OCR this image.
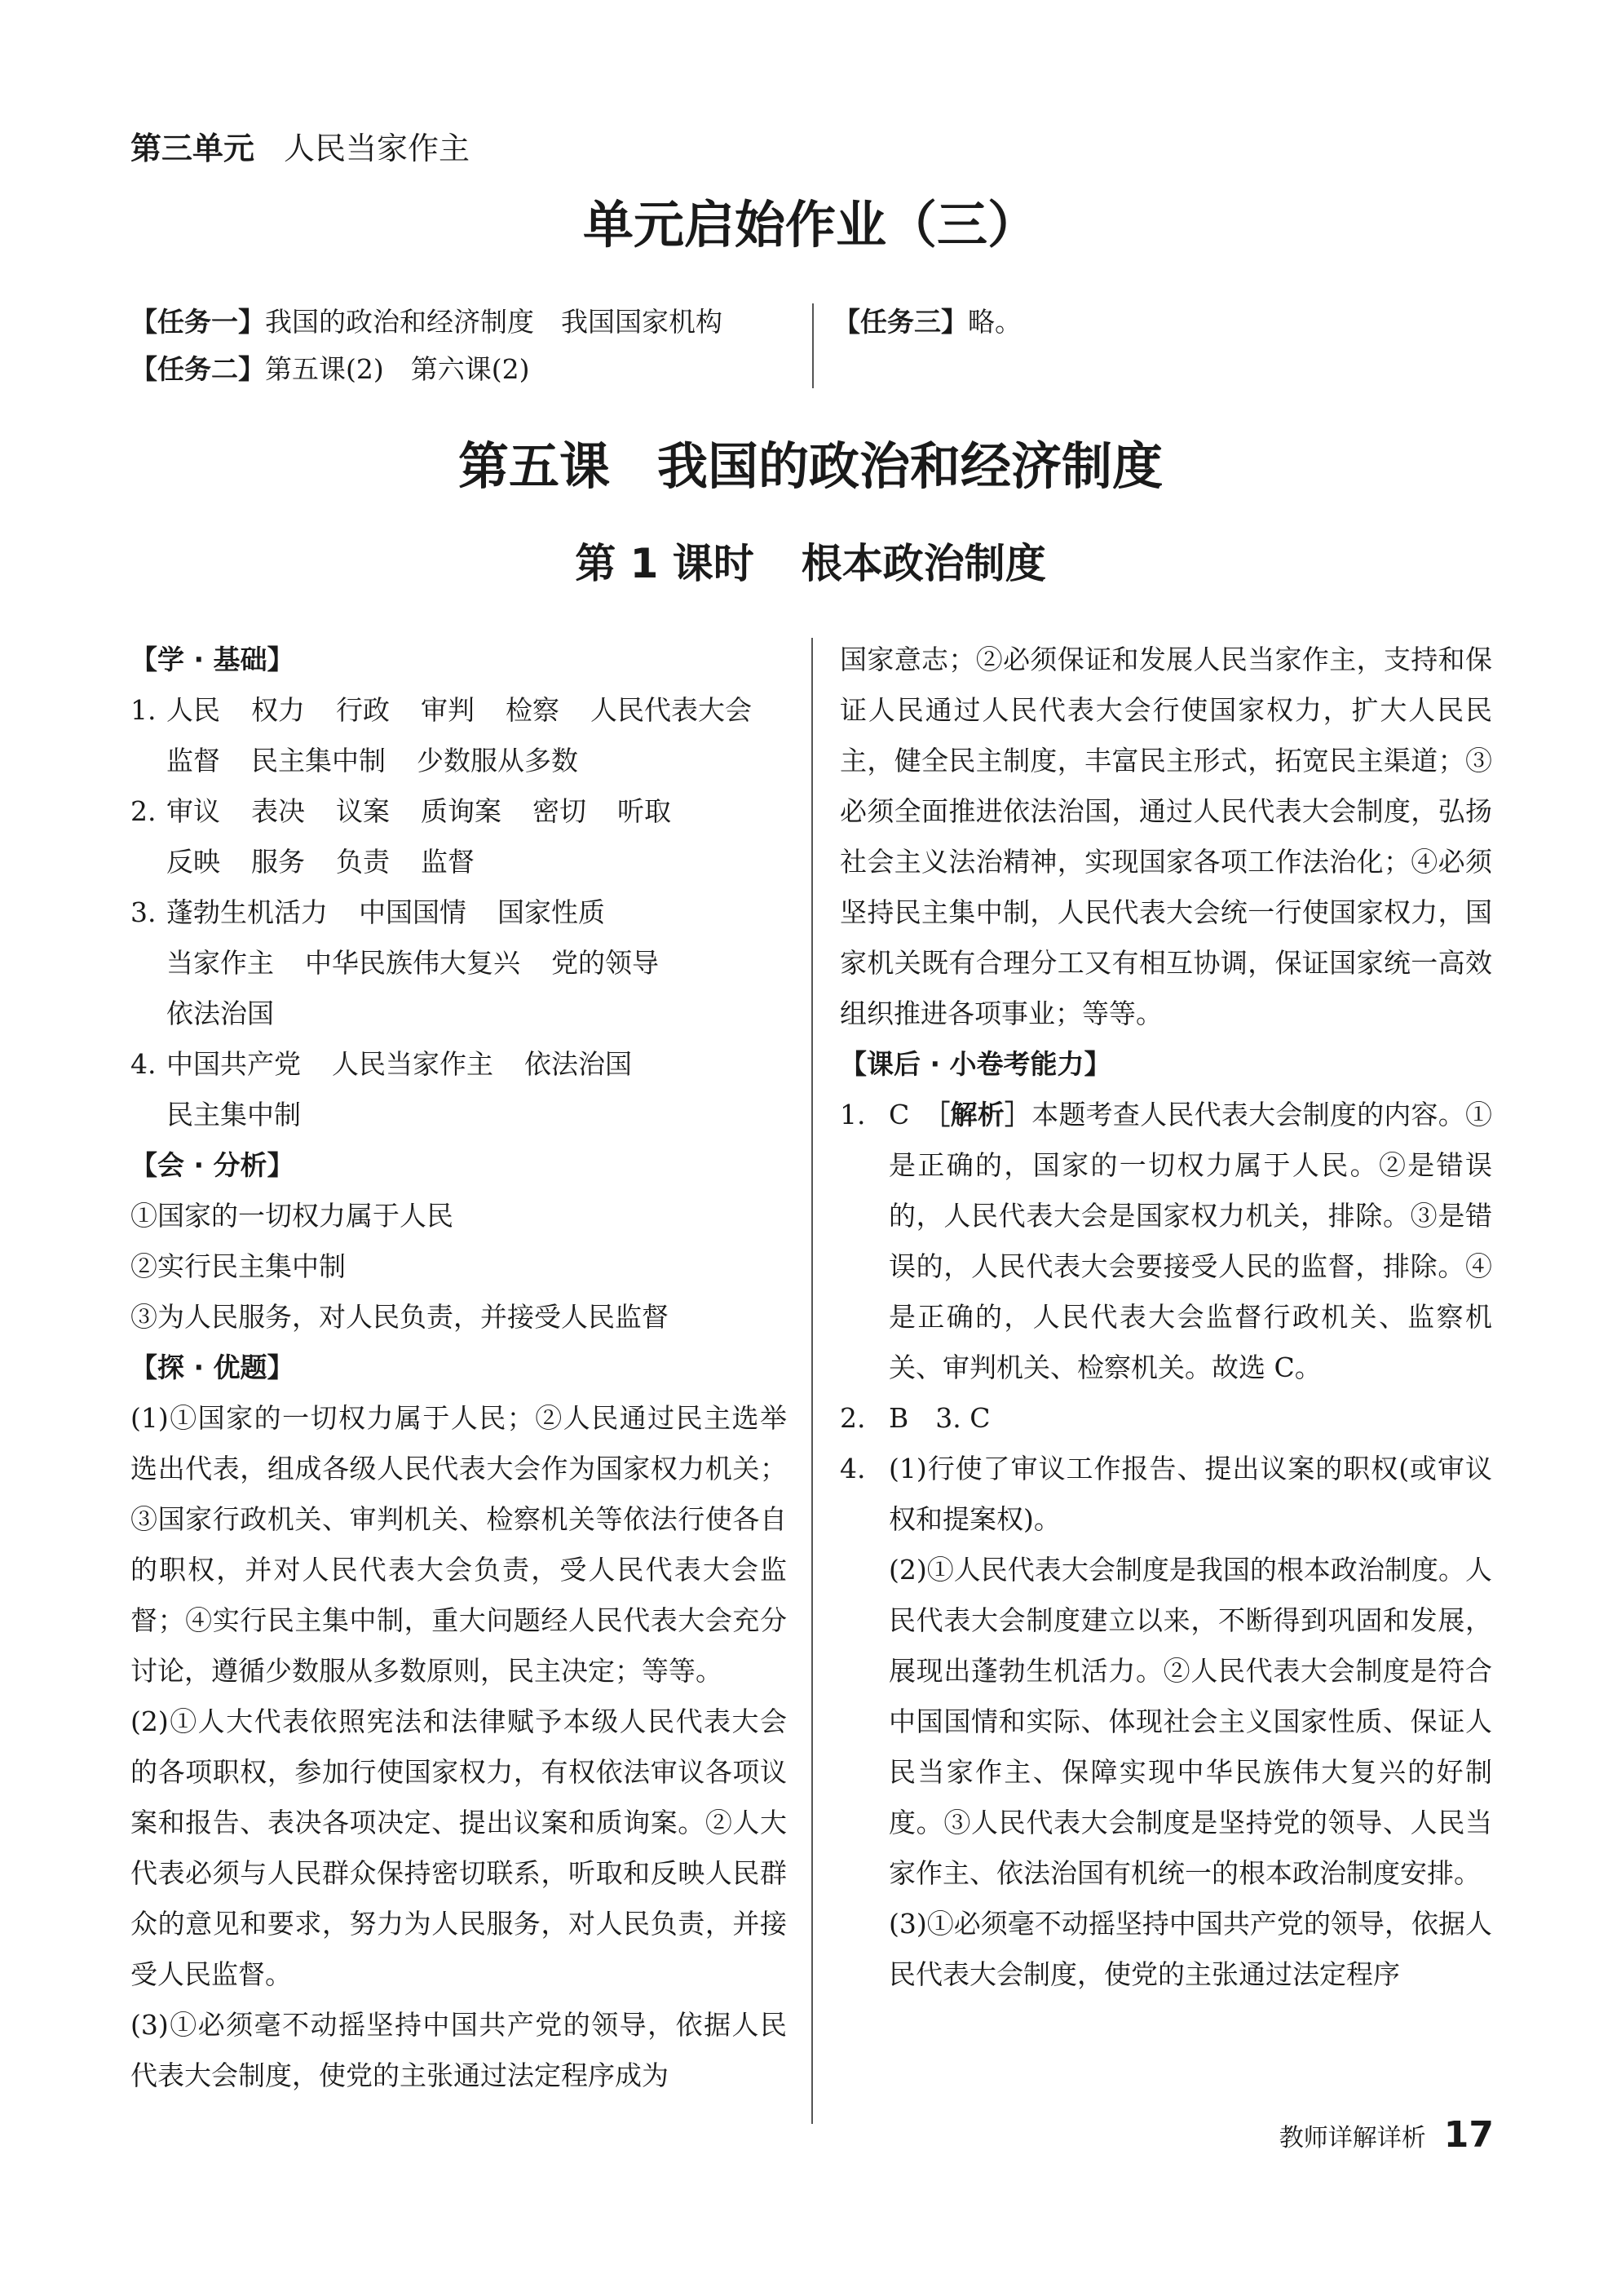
第三单元 人民当家作主
单元启始作业（三）
【任务一】我国的政治和经济制度　我国国家机构
【任务二】第五课(2)　第六课(2)
【任务三】略。
第五课 我国的政治和经济制度
第 1 课时 根本政治制度
【学 · 基础】
1. 人民 权力 行政 审判 检察 人民代表大会
监督 民主集中制 少数服从多数
2. 审议 表决 议案 质询案 密切 听取
反映 服务 负责 监督
3. 蓬勃生机活力 中国国情 国家性质
当家作主 中华民族伟大复兴 党的领导
依法治国
4. 中国共产党 人民当家作主 依法治国
民主集中制
【会 · 分析】
①国家的一切权力属于人民
②实行民主集中制
③为人民服务，对人民负责，并接受人民监督
【探 · 优题】
(1)①国家的一切权力属于人民；②人民通过民主选举选出代表，组成各级人民代表大会作为国家权力机关；③国家行政机关、审判机关、检察机关等依法行使各自的职权，并对人民代表大会负责，受人民代表大会监督；④实行民主集中制，重大问题经人民代表大会充分讨论，遵循少数服从多数原则，民主决定；等等。
(2)①人大代表依照宪法和法律赋予本级人民代表大会的各项职权，参加行使国家权力，有权依法审议各项议案和报告、表决各项决定、提出议案和质询案。②人大代表必须与人民群众保持密切联系，听取和反映人民群众的意见和要求，努力为人民服务，对人民负责，并接受人民监督。
(3)①必须毫不动摇坚持中国共产党的领导，依据人民代表大会制度，使党的主张通过法定程序成为
国家意志；②必须保证和发展人民当家作主，支持和保证人民通过人民代表大会行使国家权力，扩大人民民主，健全民主制度，丰富民主形式，拓宽民主渠道；③必须全面推进依法治国，通过人民代表大会制度，弘扬社会主义法治精神，实现国家各项工作法治化；④必须坚持民主集中制，人民代表大会统一行使国家权力，国家机关既有合理分工又有相互协调，保证国家统一高效组织推进各项事业；等等。
【课后 · 小卷考能力】
1. C　 ［解析］本题考查人民代表大会制度的内容。①是正确的，国家的一切权力属于人民。②是错误的，人民代表大会是国家权力机关，排除。③是错误的，人民代表大会要接受人民的监督，排除。④是正确的，人民代表大会监督行政机关、监察机关、审判机关、检察机关。故选 C。
2. B　3. C
4. (1)行使了审议工作报告、提出议案的职权(或审议权和提案权)。
(2)①人民代表大会制度是我国的根本政治制度。人民代表大会制度建立以来，不断得到巩固和发展，展现出蓬勃生机活力。②人民代表大会制度是符合中国国情和实际、体现社会主义国家性质、保证人民当家作主、保障实现中华民族伟大复兴的好制度。③人民代表大会制度是坚持党的领导、人民当家作主、依法治国有机统一的根本政治制度安排。
(3)①必须毫不动摇坚持中国共产党的领导，依据人民代表大会制度，使党的主张通过法定程序
教师详解详析 17
